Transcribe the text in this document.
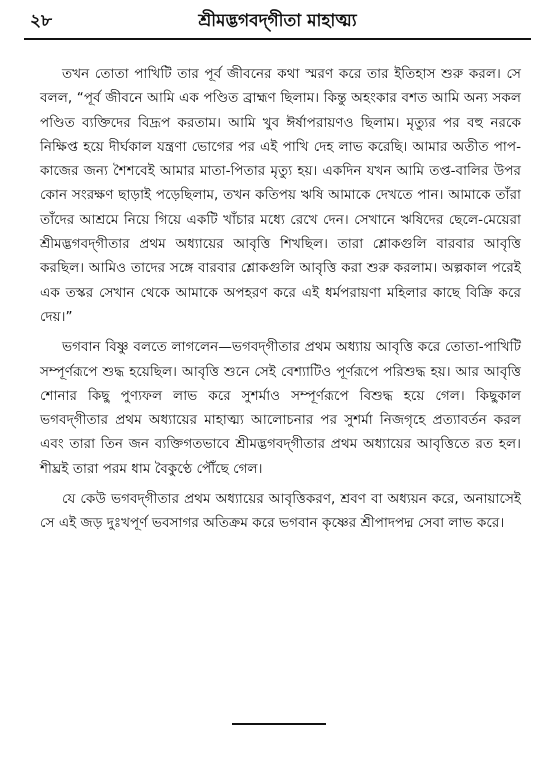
২৮	শ্রীমদ্ভগবদ্‌গীতা মাহাত্ম্য

তখন তোতা পাখিটি তার পূর্ব জীবনের কথা স্মরণ করে তার ইতিহাস শুরু করল। সে বলল, “পূর্ব জীবনে আমি এক পণ্ডিত ব্রাহ্মণ ছিলাম। কিন্তু অহংকার বশত আমি অন্য সকল পণ্ডিত ব্যক্তিদের বিদ্রূপ করতাম। আমি খুব ঈর্ষাপরায়ণও ছিলাম। মৃত্যুর পর বহু নরকে নিক্ষিপ্ত হয়ে দীর্ঘকাল যন্ত্রণা ভোগের পর এই পাখি দেহ লাভ করেছি। আমার অতীত পাপ-কাজের জন্য শৈশবেই আমার মাতা-পিতার মৃত্যু হয়। একদিন যখন আমি তপ্ত-বালির উপর কোন সংরক্ষণ ছাড়াই পড়েছিলাম, তখন কতিপয় ঋষি আমাকে দেখতে পান। আমাকে তাঁরা তাঁদের আশ্রমে নিয়ে গিয়ে একটি খাঁচার মধ্যে রেখে দেন। সেখানে ঋষিদের ছেলে-মেয়েরা শ্রীমদ্ভগবদ্‌গীতার প্রথম অধ্যায়ের আবৃত্তি শিখছিল। তারা শ্লোকগুলি বারবার আবৃত্তি করছিল। আমিও তাদের সঙ্গে বারবার শ্লোকগুলি আবৃত্তি করা শুরু করলাম। অল্পকাল পরেই এক তস্কর সেখান থেকে আমাকে অপহরণ করে এই ধর্মপরায়ণা মহিলার কাছে বিক্রি করে দেয়।”

ভগবান বিষ্ণু বলতে লাগলেন—ভগবদ্‌গীতার প্রথম অধ্যায় আবৃত্তি করে তোতা-পাখিটি সম্পূর্ণরূপে শুদ্ধ হয়েছিল। আবৃত্তি শুনে সেই বেশ্যাটিও পূর্ণরূপে পরিশুদ্ধ হয়। আর আবৃত্তি শোনার কিছু পুণ্যফল লাভ করে সুশর্মাও সম্পূর্ণরূপে বিশুদ্ধ হয়ে গেল। কিছুকাল ভগবদ্‌গীতার প্রথম অধ্যায়ের মাহাত্ম্য আলোচনার পর সুশর্মা নিজগৃহে প্রত্যাবর্তন করল এবং তারা তিন জন ব্যক্তিগতভাবে শ্রীমদ্ভগবদ্‌গীতার প্রথম অধ্যায়ের আবৃত্তিতে রত হল। শীঘ্রই তারা পরম ধাম বৈকুণ্ঠে পৌঁছে গেল।

যে কেউ ভগবদ্‌গীতার প্রথম অধ্যায়ের আবৃত্তিকরণ, শ্রবণ বা অধ্যয়ন করে, অনায়াসেই সে এই জড় দুঃখপূর্ণ ভবসাগর অতিক্রম করে ভগবান কৃষ্ণের শ্রীপাদপদ্ম সেবা লাভ করে।
